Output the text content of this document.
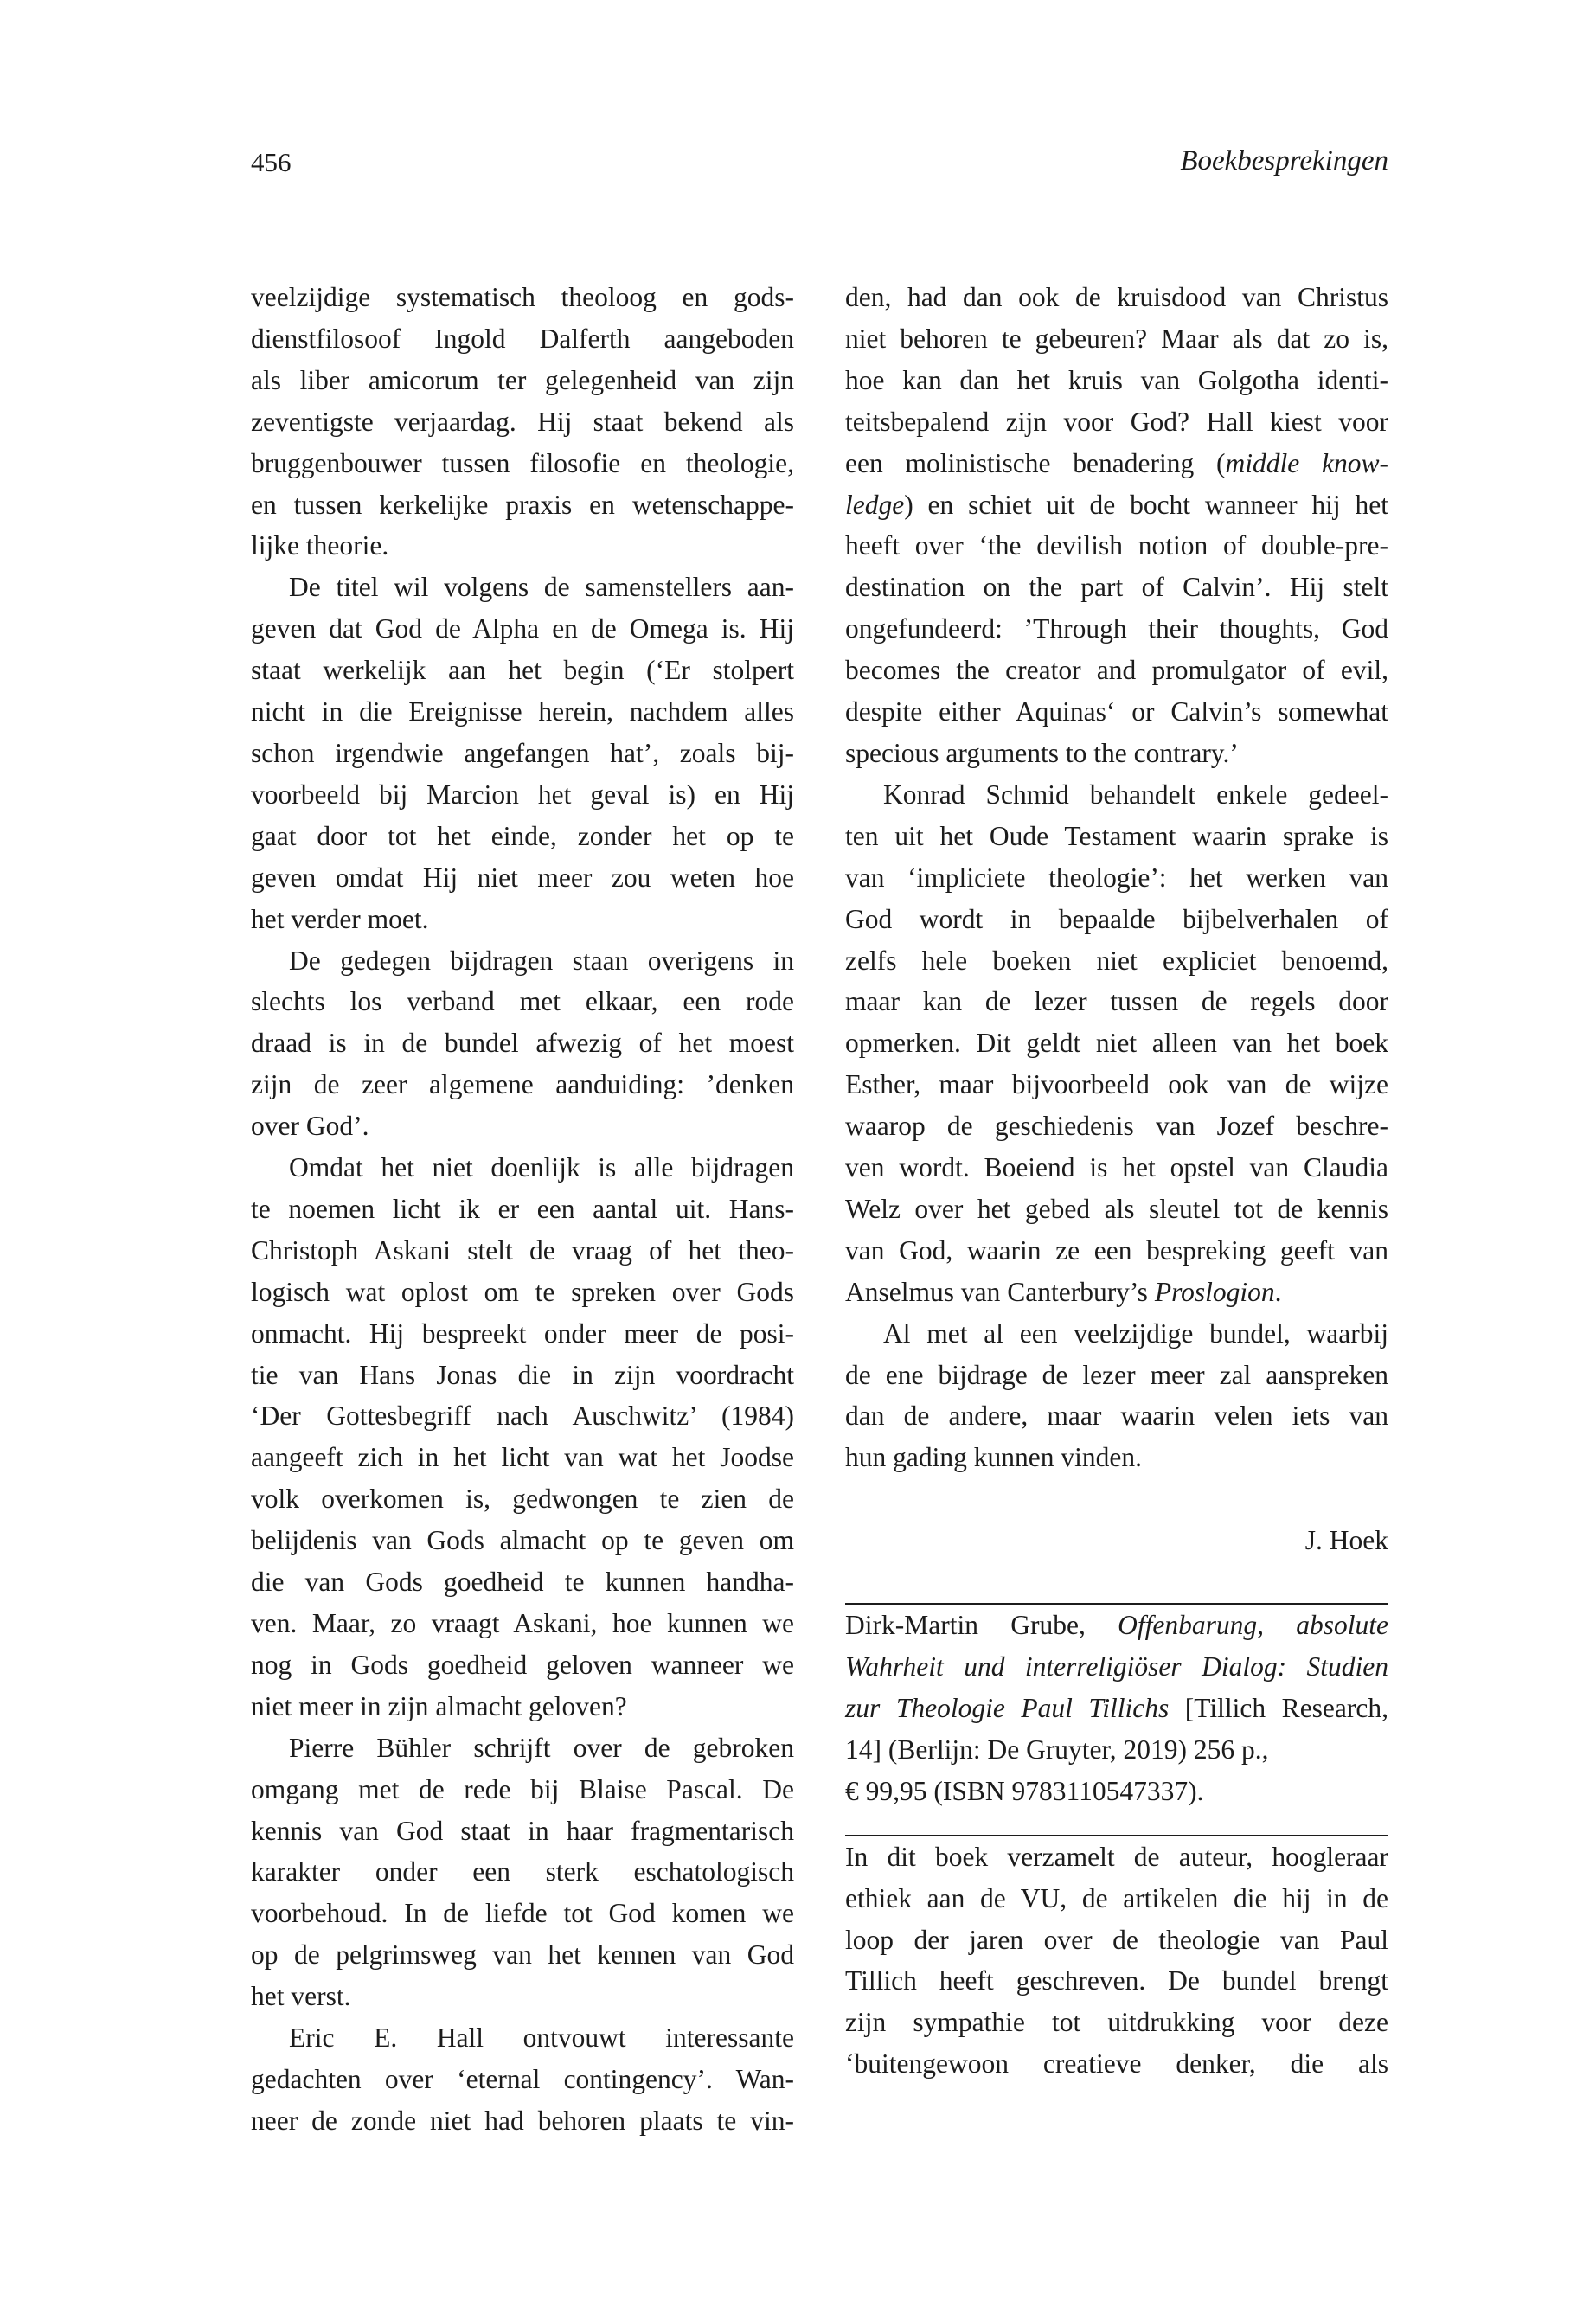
456	Boekbesprekingen

veelzijdige systematisch theoloog en gods-
dienstfilosoof Ingold Dalferth aangeboden
als liber amicorum ter gelegenheid van zijn
zeventigste verjaardag. Hij staat bekend als
bruggenbouwer tussen filosofie en theologie,
en tussen kerkelijke praxis en wetenschappe-
lijke theorie.

De titel wil volgens de samenstellers aan-
geven dat God de Alpha en de Omega is. Hij
staat werkelijk aan het begin (‘Er stolpert
nicht in die Ereignisse herein, nachdem alles
schon irgendwie angefangen hat’, zoals bij-
voorbeeld bij Marcion het geval is) en Hij
gaat door tot het einde, zonder het op te
geven omdat Hij niet meer zou weten hoe
het verder moet.

De gedegen bijdragen staan overigens in
slechts los verband met elkaar, een rode
draad is in de bundel afwezig of het moest
zijn de zeer algemene aanduiding: ’denken
over God’.

Omdat het niet doenlijk is alle bijdragen
te noemen licht ik er een aantal uit. Hans-
Christoph Askani stelt de vraag of het theo-
logisch wat oplost om te spreken over Gods
onmacht. Hij bespreekt onder meer de posi-
tie van Hans Jonas die in zijn voordracht
‘Der Gottesbegriff nach Auschwitz’ (1984)
aangeeft zich in het licht van wat het Joodse
volk overkomen is, gedwongen te zien de
belijdenis van Gods almacht op te geven om
die van Gods goedheid te kunnen handha-
ven. Maar, zo vraagt Askani, hoe kunnen we
nog in Gods goedheid geloven wanneer we
niet meer in zijn almacht geloven?

Pierre Bühler schrijft over de gebroken
omgang met de rede bij Blaise Pascal. De
kennis van God staat in haar fragmentarisch
karakter onder een sterk eschatologisch
voorbehoud. In de liefde tot God komen we
op de pelgrimsweg van het kennen van God
het verst.

Eric E. Hall ontvouwt interessante
gedachten over ‘eternal contingency’. Wan-
neer de zonde niet had behoren plaats te vin-

den, had dan ook de kruisdood van Christus
niet behoren te gebeuren? Maar als dat zo is,
hoe kan dan het kruis van Golgotha identi-
teitsbepalend zijn voor God? Hall kiest voor
een molinistische benadering (middle know-
ledge) en schiet uit de bocht wanneer hij het
heeft over ‘the devilish notion of double-pre-
destination on the part of Calvin’. Hij stelt
ongefundeerd: ’Through their thoughts, God
becomes the creator and promulgator of evil,
despite either Aquinas‘ or Calvin’s somewhat
specious arguments to the contrary.’

Konrad Schmid behandelt enkele gedeel-
ten uit het Oude Testament waarin sprake is
van ‘impliciete theologie’: het werken van
God wordt in bepaalde bijbelverhalen of
zelfs hele boeken niet expliciet benoemd,
maar kan de lezer tussen de regels door
opmerken. Dit geldt niet alleen van het boek
Esther, maar bijvoorbeeld ook van de wijze
waarop de geschiedenis van Jozef beschre-
ven wordt. Boeiend is het opstel van Claudia
Welz over het gebed als sleutel tot de kennis
van God, waarin ze een bespreking geeft van
Anselmus van Canterbury’s Proslogion.

Al met al een veelzijdige bundel, waarbij
de ene bijdrage de lezer meer zal aanspreken
dan de andere, maar waarin velen iets van
hun gading kunnen vinden.

J. Hoek

Dirk-Martin Grube, Offenbarung, absolute
Wahrheit und interreligiöser Dialog: Studien
zur Theologie Paul Tillichs [Tillich Research,
14] (Berlijn: De Gruyter, 2019) 256 p.,
€ 99,95 (ISBN 9783110547337).

In dit boek verzamelt de auteur, hoogleraar
ethiek aan de VU, de artikelen die hij in de
loop der jaren over de theologie van Paul
Tillich heeft geschreven. De bundel brengt
zijn sympathie tot uitdrukking voor deze
‘buitengewoon creatieve denker, die als
